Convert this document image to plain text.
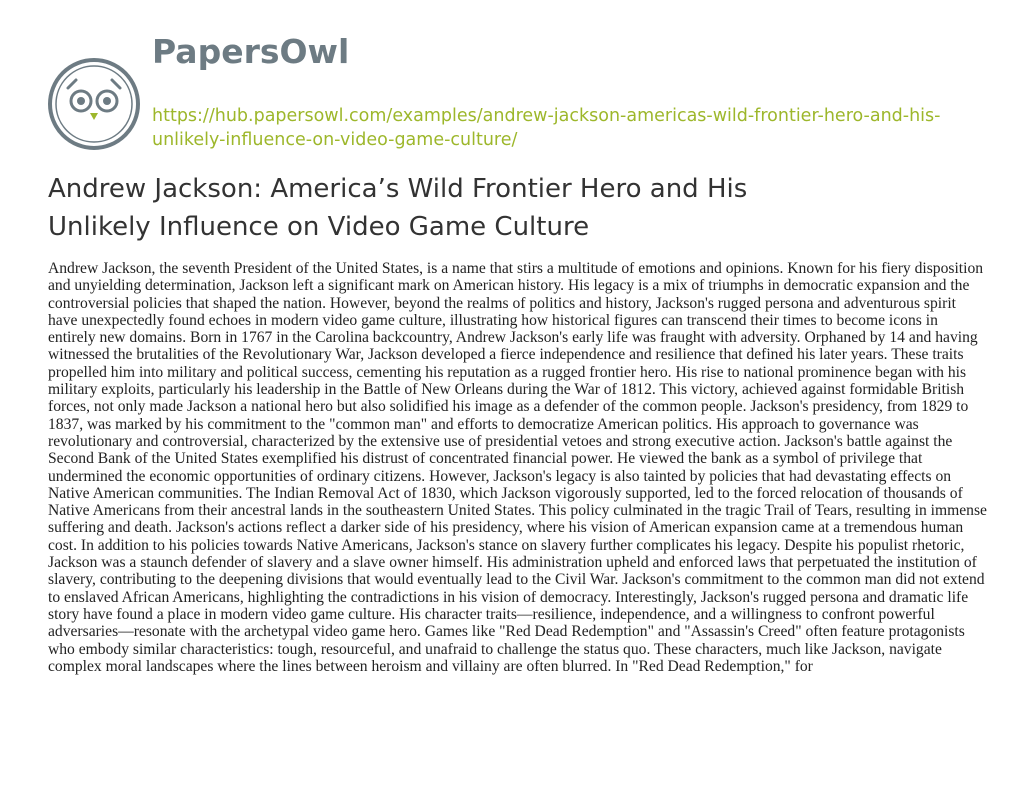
PapersOwl
https://hub.papersowl.com/examples/andrew-jackson-americas-wild-frontier-hero-and-his-unlikely-influence-on-video-game-culture/
Andrew Jackson: America’s Wild Frontier Hero and His Unlikely Influence on Video Game Culture

Andrew Jackson, the seventh President of the United States, is a name that stirs a multitude of emotions and opinions. Known for his fiery disposition and unyielding determination, Jackson left a significant mark on American history. His legacy is a mix of triumphs in democratic expansion and the controversial policies that shaped the nation. However, beyond the realms of politics and history, Jackson's rugged persona and adventurous spirit have unexpectedly found echoes in modern video game culture, illustrating how historical figures can transcend their times to become icons in entirely new domains. Born in 1767 in the Carolina backcountry, Andrew Jackson's early life was fraught with adversity. Orphaned by 14 and having witnessed the brutalities of the Revolutionary War, Jackson developed a fierce independence and resilience that defined his later years. These traits propelled him into military and political success, cementing his reputation as a rugged frontier hero. His rise to national prominence began with his military exploits, particularly his leadership in the Battle of New Orleans during the War of 1812. This victory, achieved against formidable British forces, not only made Jackson a national hero but also solidified his image as a defender of the common people. Jackson's presidency, from 1829 to 1837, was marked by his commitment to the "common man" and efforts to democratize American politics. His approach to governance was revolutionary and controversial, characterized by the extensive use of presidential vetoes and strong executive action. Jackson's battle against the Second Bank of the United States exemplified his distrust of concentrated financial power. He viewed the bank as a symbol of privilege that undermined the economic opportunities of ordinary citizens. However, Jackson's legacy is also tainted by policies that had devastating effects on Native American communities. The Indian Removal Act of 1830, which Jackson vigorously supported, led to the forced relocation of thousands of Native Americans from their ancestral lands in the southeastern United States. This policy culminated in the tragic Trail of Tears, resulting in immense suffering and death. Jackson's actions reflect a darker side of his presidency, where his vision of American expansion came at a tremendous human cost. In addition to his policies towards Native Americans, Jackson's stance on slavery further complicates his legacy. Despite his populist rhetoric, Jackson was a staunch defender of slavery and a slave owner himself. His administration upheld and enforced laws that perpetuated the institution of slavery, contributing to the deepening divisions that would eventually lead to the Civil War. Jackson's commitment to the common man did not extend to enslaved African Americans, highlighting the contradictions in his vision of democracy. Interestingly, Jackson's rugged persona and dramatic life story have found a place in modern video game culture. His character traits—resilience, independence, and a willingness to confront powerful adversaries—resonate with the archetypal video game hero. Games like "Red Dead Redemption" and "Assassin's Creed" often feature protagonists who embody similar characteristics: tough, resourceful, and unafraid to challenge the status quo. These characters, much like Jackson, navigate complex moral landscapes where the lines between heroism and villainy are often blurred. In "Red Dead Redemption," for
